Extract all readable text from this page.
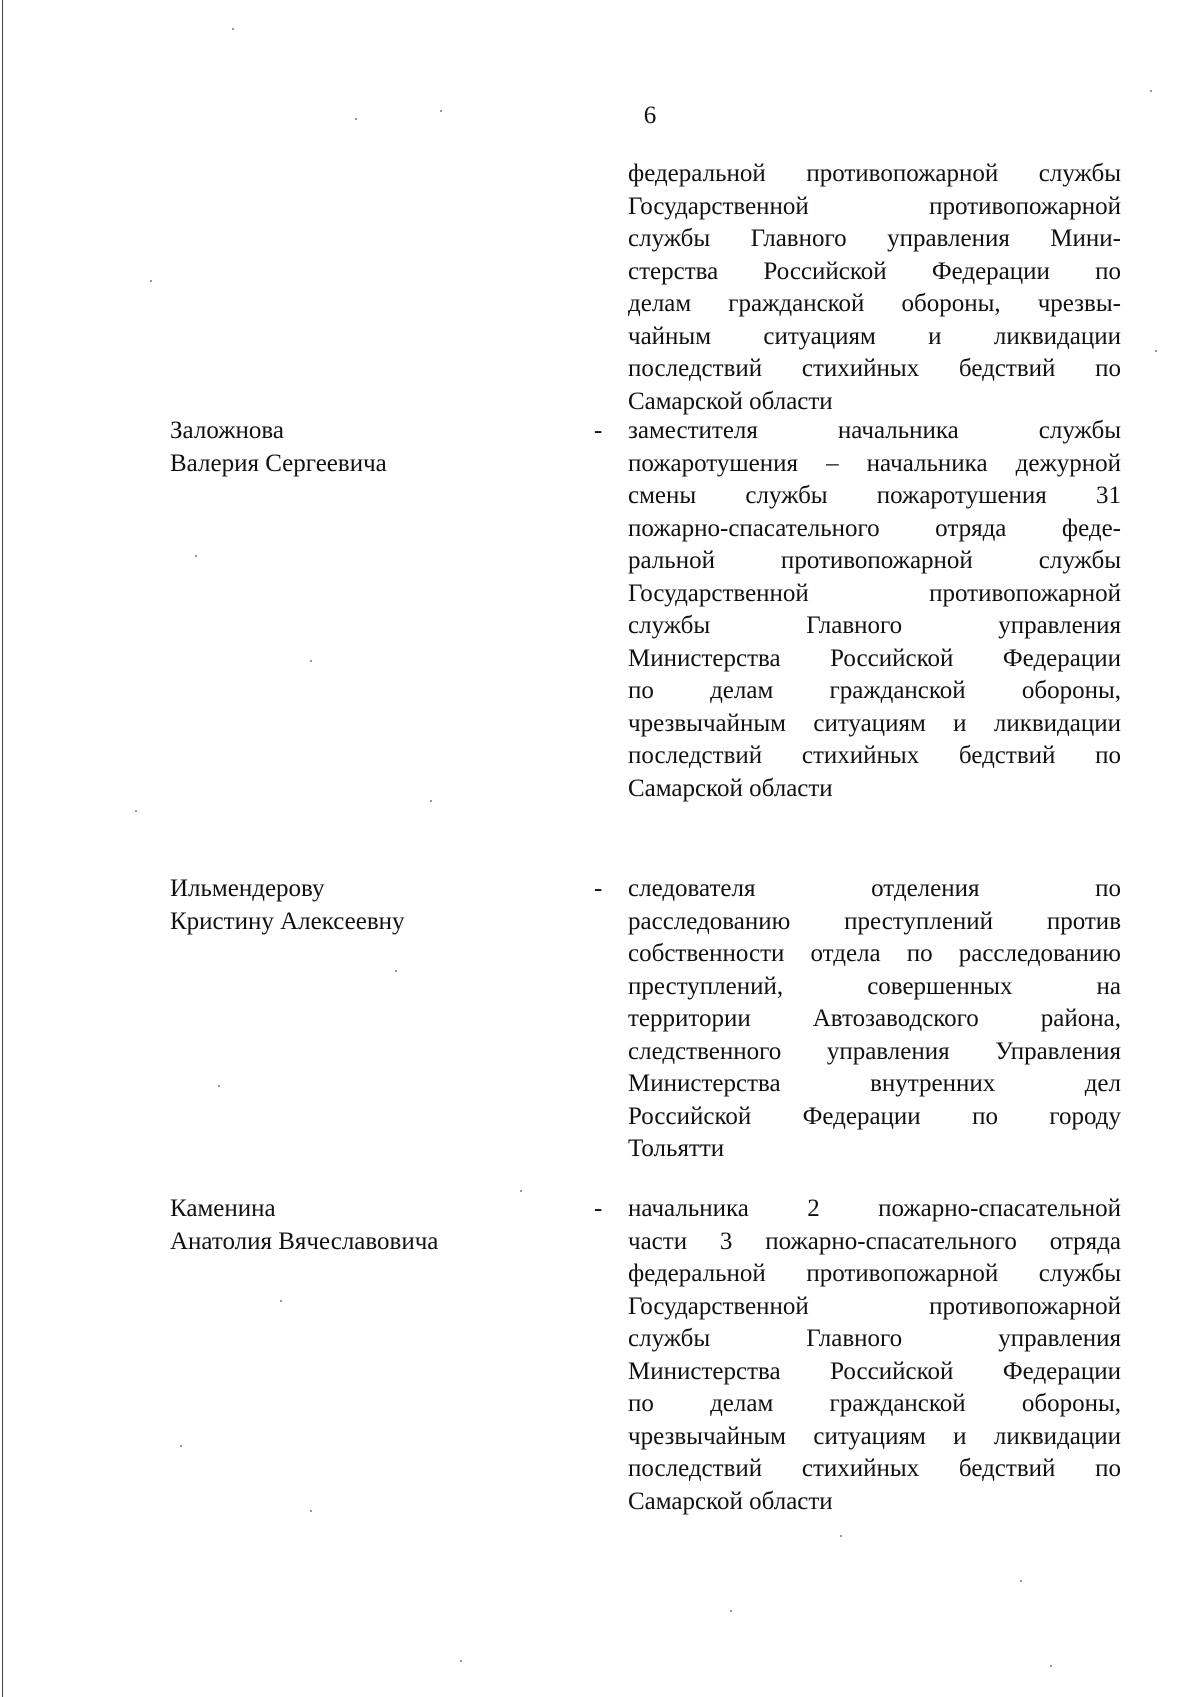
6
федеральной противопожарной службы
Государственной противопожарной
службы Главного управления Мини-
стерства Российской Федерации по
делам гражданской обороны, чрезвы-
чайным ситуациям и ликвидации
последствий стихийных бедствий по
Самарской области
Заложнова
Валерия Сергеевича
- заместителя начальника службы
пожаротушения – начальника дежурной
смены службы пожаротушения 31
пожарно-спасательного отряда феде-
ральной противопожарной службы
Государственной противопожарной
службы Главного управления
Министерства Российской Федерации
по делам гражданской обороны,
чрезвычайным ситуациям и ликвидации
последствий стихийных бедствий по
Самарской области
Ильмендерову
Кристину Алексеевну
- следователя отделения по
расследованию преступлений против
собственности отдела по расследованию
преступлений, совершенных на
территории Автозаводского района,
следственного управления Управления
Министерства внутренних дел
Российской Федерации по городу
Тольятти
Каменина
Анатолия Вячеславовича
- начальника 2 пожарно-спасательной
части 3 пожарно-спасательного отряда
федеральной противопожарной службы
Государственной противопожарной
службы Главного управления
Министерства Российской Федерации
по делам гражданской обороны,
чрезвычайным ситуациям и ликвидации
последствий стихийных бедствий по
Самарской области
